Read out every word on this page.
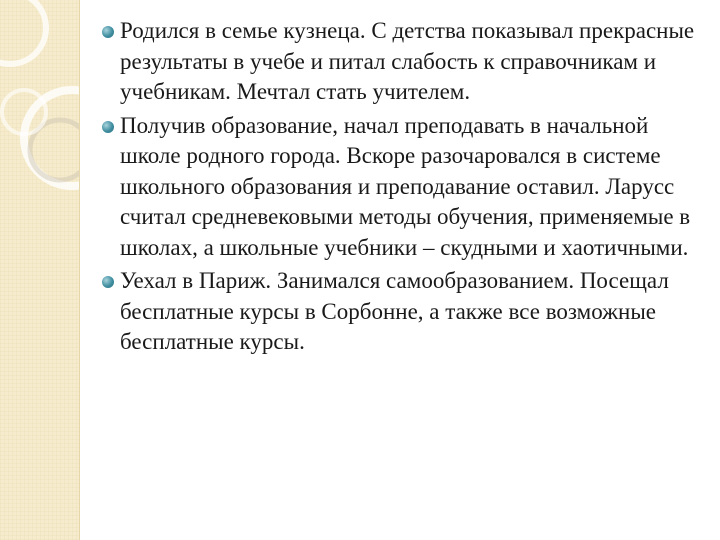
Родился в семье кузнеца. С детства показывал прекрасные результаты в учебе и питал слабость к справочникам и учебникам. Мечтал стать учителем.
Получив образование, начал преподавать в начальной школе родного города. Вскоре разочаровался в системе школьного образования и преподавание оставил. Ларусс считал средневековыми методы обучения, применяемые в школах, а школьные учебники – скудными и хаотичными.
Уехал в Париж. Занимался самообразованием. Посещал бесплатные курсы в Сорбонне, а также все возможные бесплатные курсы.
